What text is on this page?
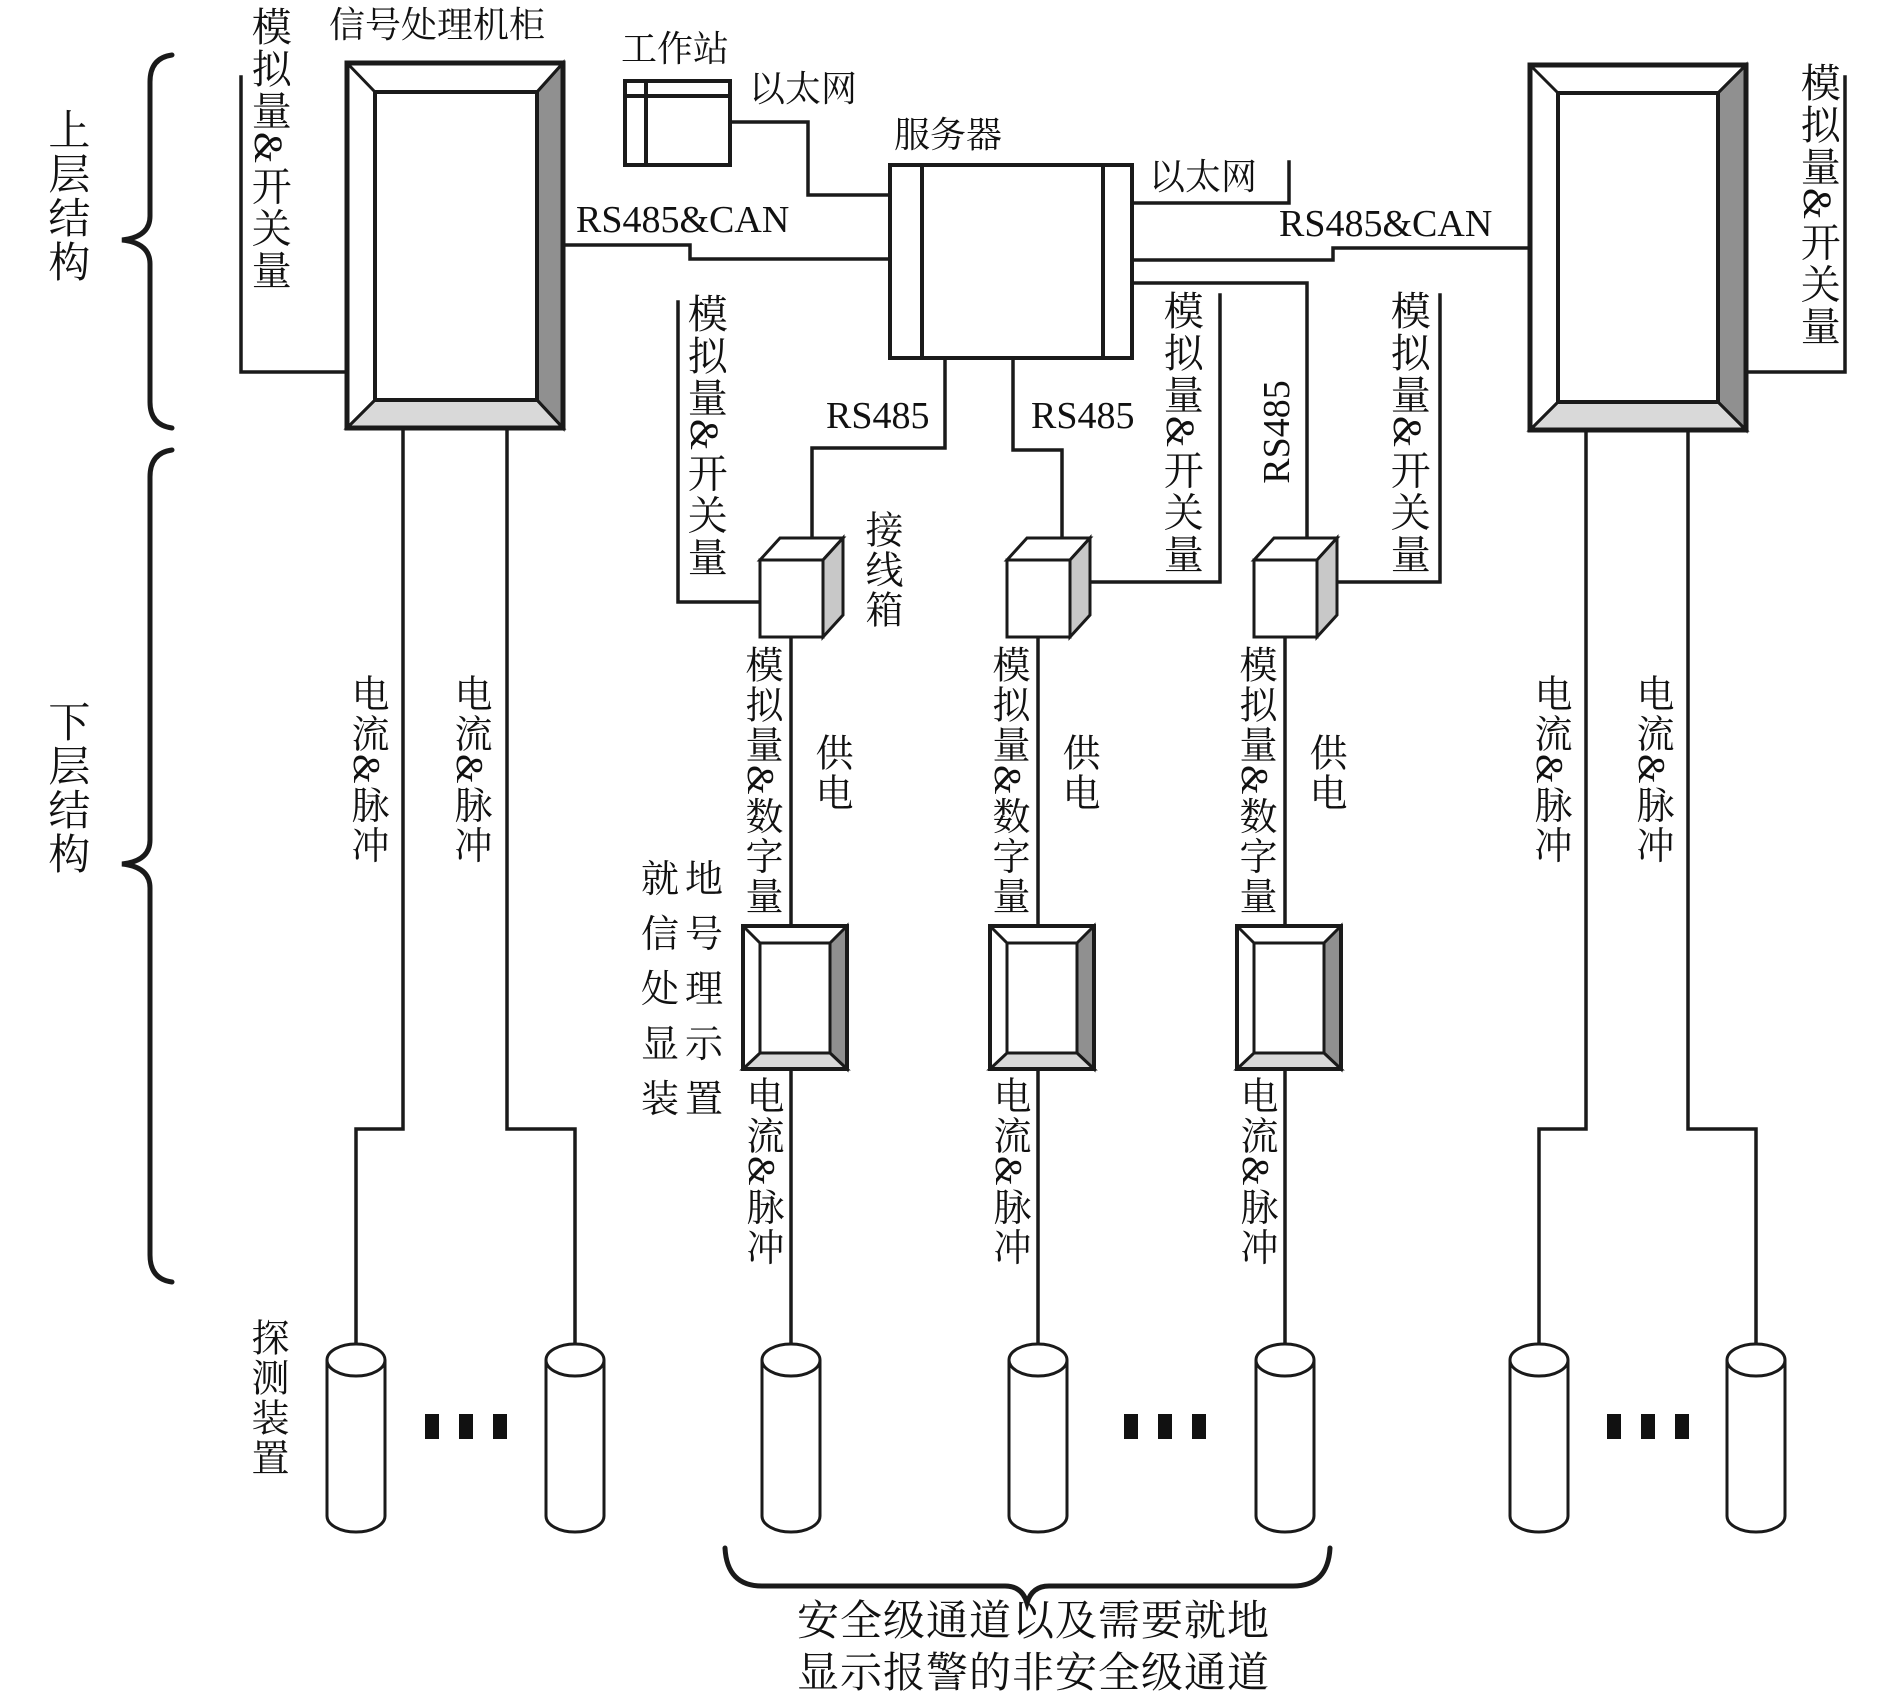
上层结构
下层结构
信号处理机柜
工作站
以太网
服务器
以太网
RS485&CAN	RS485&CAN
模拟量&开关量
模拟量&开关量	模拟量&开关量	模拟量&开关量
模拟量&开关量
RS485	RS485	RS485
接线箱
模拟量&数字量	模拟量&数字量	模拟量&数字量
供电	供电	供电
就地
信号
处理
显示
装置
电流&脉冲 电流&脉冲
电流&脉冲	电流&脉冲	电流&脉冲
电流&脉冲 电流&脉冲
探测装置
安全级通道以及需要就地
显示报警的非安全级通道
